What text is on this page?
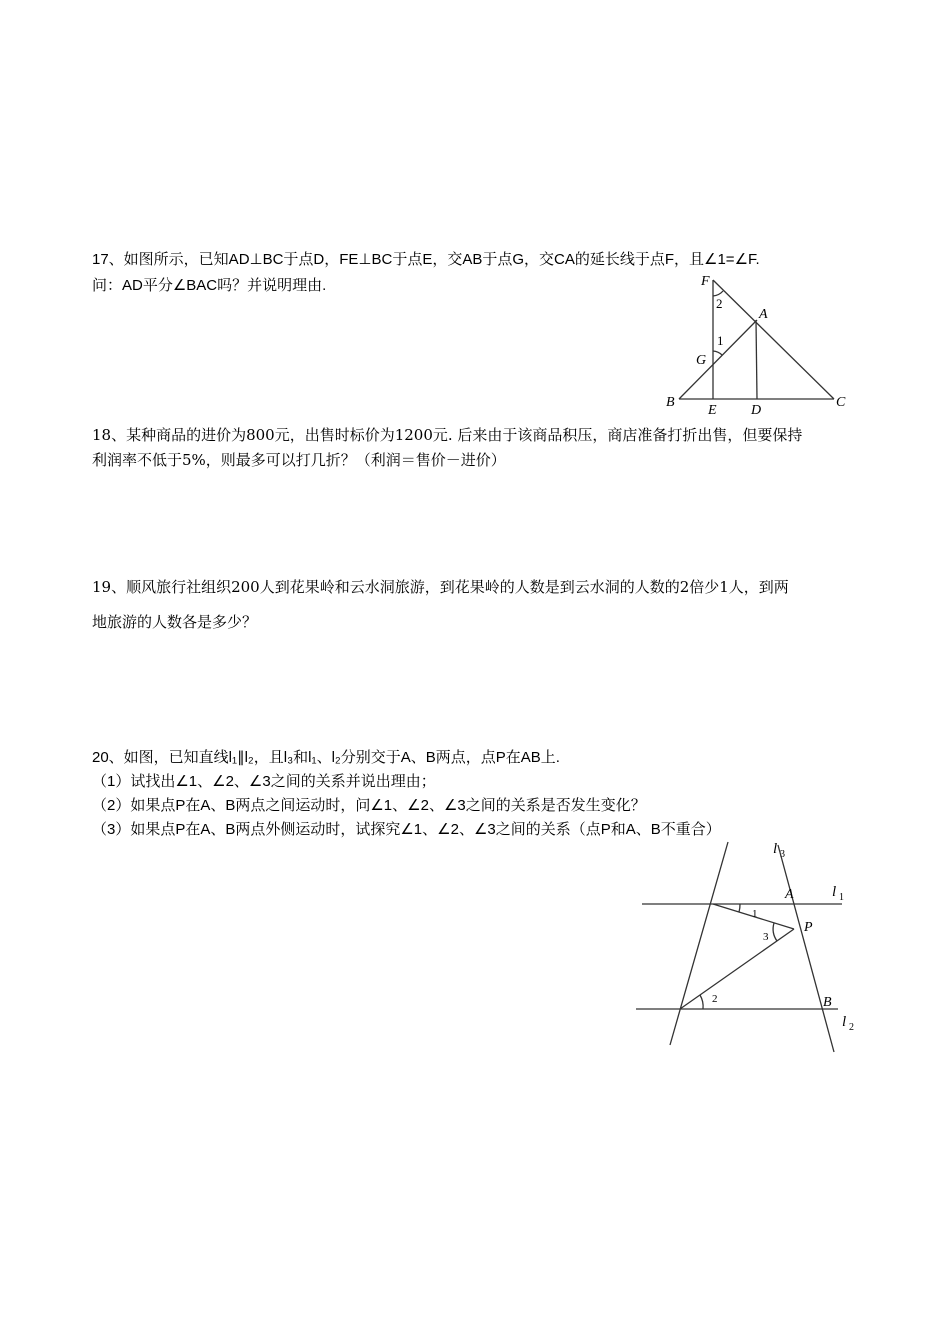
17、如图所示，已知AD⊥BC于点D，FE⊥BC于点E，交AB于点G，交CA的延长线于点F，且∠1=∠F.
问：AD平分∠BAC吗？并说明理由.	F
2
A
1
G
B
E D
C
18、某种商品的进价为800元，出售时标价为1200元. 后来由于该商品积压，商店准备打折出售，但要保持
利润率不低于5%，则最多可以打几折？（利润＝售价－进价）
19、顺风旅行社组织200人到花果岭和云水洞旅游，到花果岭的人数是到云水洞的人数的2倍少1人，到两
地旅游的人数各是多少？
20、如图，已知直线l₁∥l₂，且l₃和l₁、l₂分别交于A、B两点，点P在AB上.
（1）试找出∠1、∠2、∠3之间的关系并说出理由；
（2）如果点P在A、B两点之间运动时，问∠1、∠2、∠3之间的关系是否发生变化？
（3）如果点P在A、B两点外侧运动时，试探究∠1、∠2、∠3之间的关系（点P和A、B不重合）
l 3
A	l 1
1
P
3
2	B
l 2
